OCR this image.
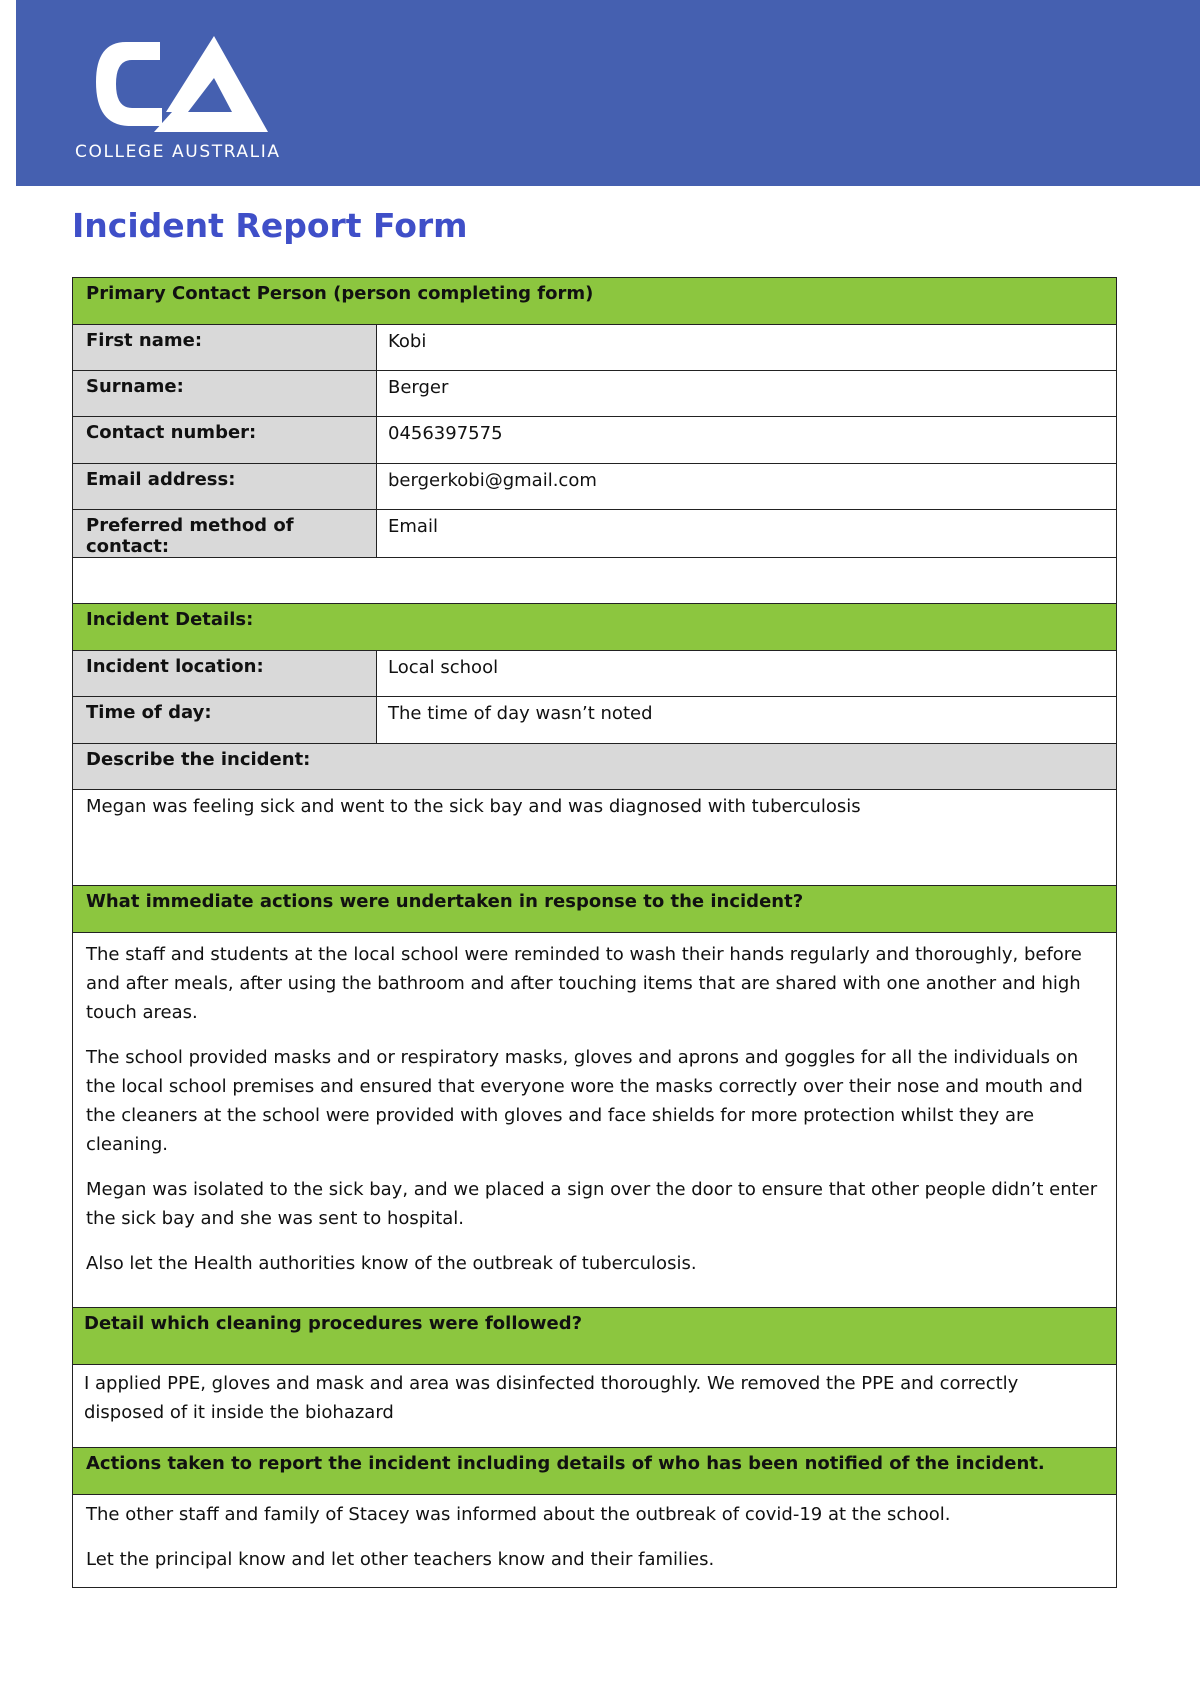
COLLEGE AUSTRALIA
Incident Report Form
Primary Contact Person (person completing form)	
First name:	Kobi
Surname:	Berger
Contact number:	0456397575
Email address:	bergerkobi@gmail.com
Preferred method of contact:	Email

Incident Details:	
Incident location:	Local school
Time of day:	The time of day wasn’t noted
Describe the incident:	
Megan was feeling sick and went to the sick bay and was diagnosed with tuberculosis	
What immediate actions were undertaken in response to the incident?	

The staff and students at the local school were reminded to wash their hands regularly and thoroughly, before and after meals, after using the bathroom and after touching items that are shared with one another and high touch areas.

The school provided masks and or respiratory masks, gloves and aprons and goggles for all the individuals on the local school premises and ensured that everyone wore the masks correctly over their nose and mouth and the cleaners at the school were provided with gloves and face shields for more protection whilst they are cleaning.

Megan was isolated to the sick bay, and we placed a sign over the door to ensure that other people didn’t enter the sick bay and she was sent to hospital.

Also let the Health authorities know of the outbreak of tuberculosis.	

Detail which cleaning procedures were followed?	
I applied PPE, gloves and mask and area was disinfected thoroughly. We removed the PPE and correctly disposed of it inside the biohazard	
Actions taken to report the incident including details of who has been notified of the incident.	

The other staff and family of Stacey was informed about the outbreak of covid-19 at the school.

Let the principal know and let other teachers know and their families.	
